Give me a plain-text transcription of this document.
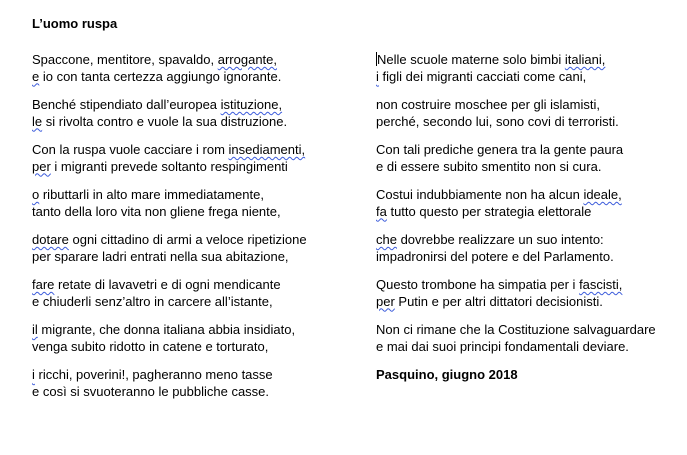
L’uomo ruspa
Spaccone, mentitore, spavaldo, arrogante,
e io con tanta certezza aggiungo ignorante.
Benché stipendiato dall’europea istituzione,
le si rivolta contro e vuole la sua distruzione.
Con la ruspa vuole cacciare i rom insediamenti,
per i migranti prevede soltanto respingimenti
o ributtarli in alto mare immediatamente,
tanto della loro vita non gliene frega niente,
dotare ogni cittadino di armi a veloce ripetizione
per sparare ladri entrati nella sua abitazione,
fare retate di lavavetri e di ogni mendicante
e chiuderli senz’altro in carcere all’istante,
il migrante, che donna italiana abbia insidiato,
venga subito ridotto in catene e torturato,
i ricchi, poverini!, pagheranno meno tasse
e così si svuoteranno le pubbliche casse.
Nelle scuole materne solo bimbi italiani,
i figli dei migranti cacciati come cani,
non costruire moschee per gli islamisti,
perché, secondo lui, sono covi di terroristi.
Con tali prediche genera tra la gente paura
e di essere subito smentito non si cura.
Costui indubbiamente non ha alcun ideale,
fa tutto questo per strategia elettorale
che dovrebbe realizzare un suo intento:
impadronirsi del potere e del Parlamento.
Questo trombone ha simpatia per i fascisti,
per Putin e per altri dittatori decisionisti.
Non ci rimane che la Costituzione salvaguardare
e mai dai suoi principi fondamentali deviare.
Pasquino, giugno 2018
